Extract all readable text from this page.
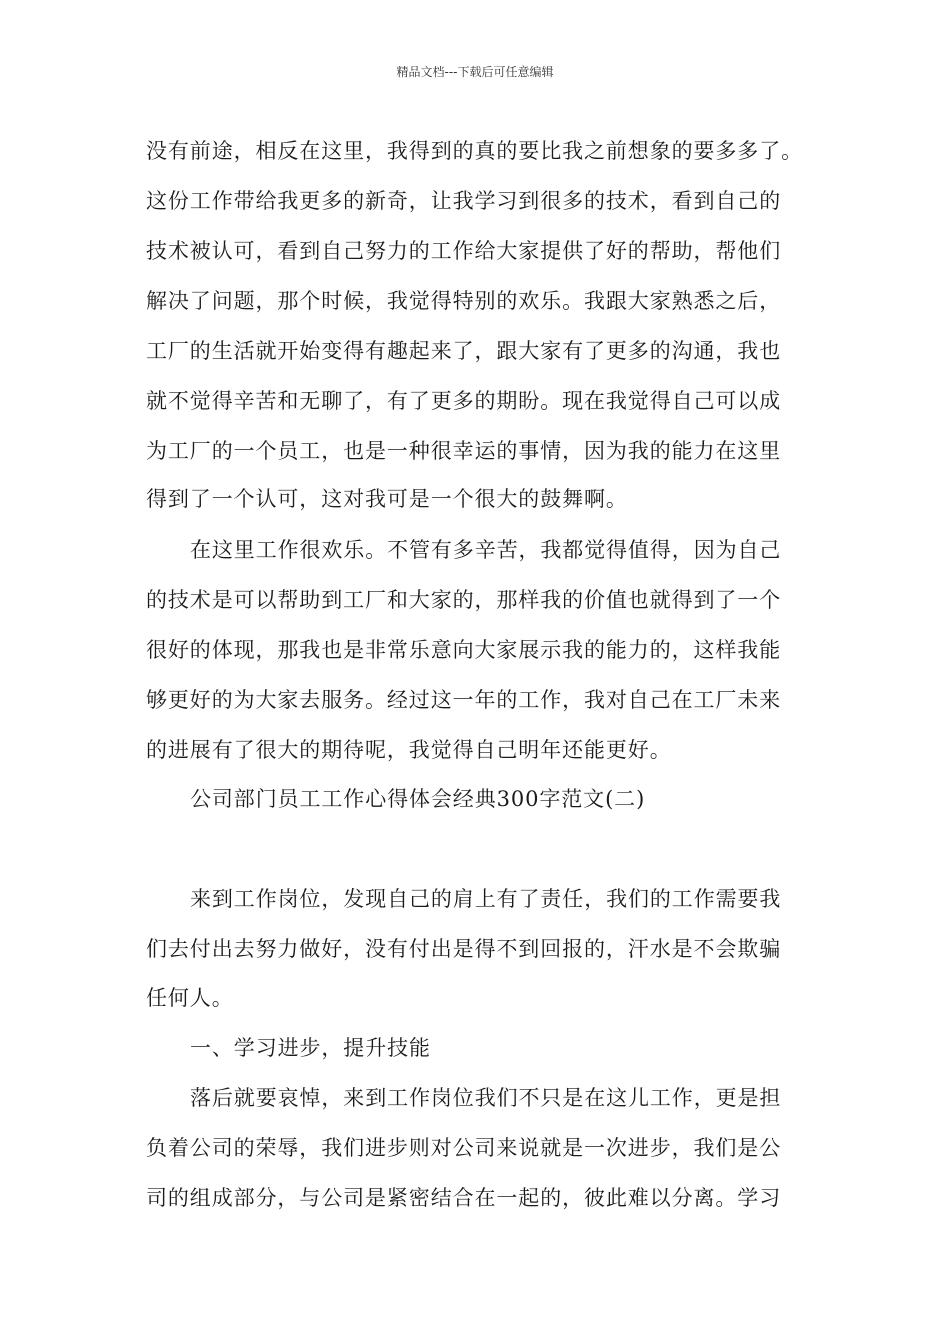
精品文档---下载后可任意编辑
没有前途，相反在这里，我得到的真的要比我之前想象的要多多了。
这份工作带给我更多的新奇，让我学习到很多的技术，看到自己的
技术被认可，看到自己努力的工作给大家提供了好的帮助，帮他们
解决了问题，那个时候，我觉得特别的欢乐。我跟大家熟悉之后，
工厂的生活就开始变得有趣起来了，跟大家有了更多的沟通，我也
就不觉得辛苦和无聊了，有了更多的期盼。现在我觉得自己可以成
为工厂的一个员工，也是一种很幸运的事情，因为我的能力在这里
得到了一个认可，这对我可是一个很大的鼓舞啊。
在这里工作很欢乐。不管有多辛苦，我都觉得值得，因为自己
的技术是可以帮助到工厂和大家的，那样我的价值也就得到了一个
很好的体现，那我也是非常乐意向大家展示我的能力的，这样我能
够更好的为大家去服务。经过这一年的工作，我对自己在工厂未来
的进展有了很大的期待呢，我觉得自己明年还能更好。
公司部门员工工作心得体会经典300字范文(二)
来到工作岗位，发现自己的肩上有了责任，我们的工作需要我
们去付出去努力做好，没有付出是得不到回报的，汗水是不会欺骗
任何人。
一、学习进步，提升技能
落后就要哀悼，来到工作岗位我们不只是在这儿工作，更是担
负着公司的荣辱，我们进步则对公司来说就是一次进步，我们是公
司的组成部分，与公司是紧密结合在一起的，彼此难以分离。学习
